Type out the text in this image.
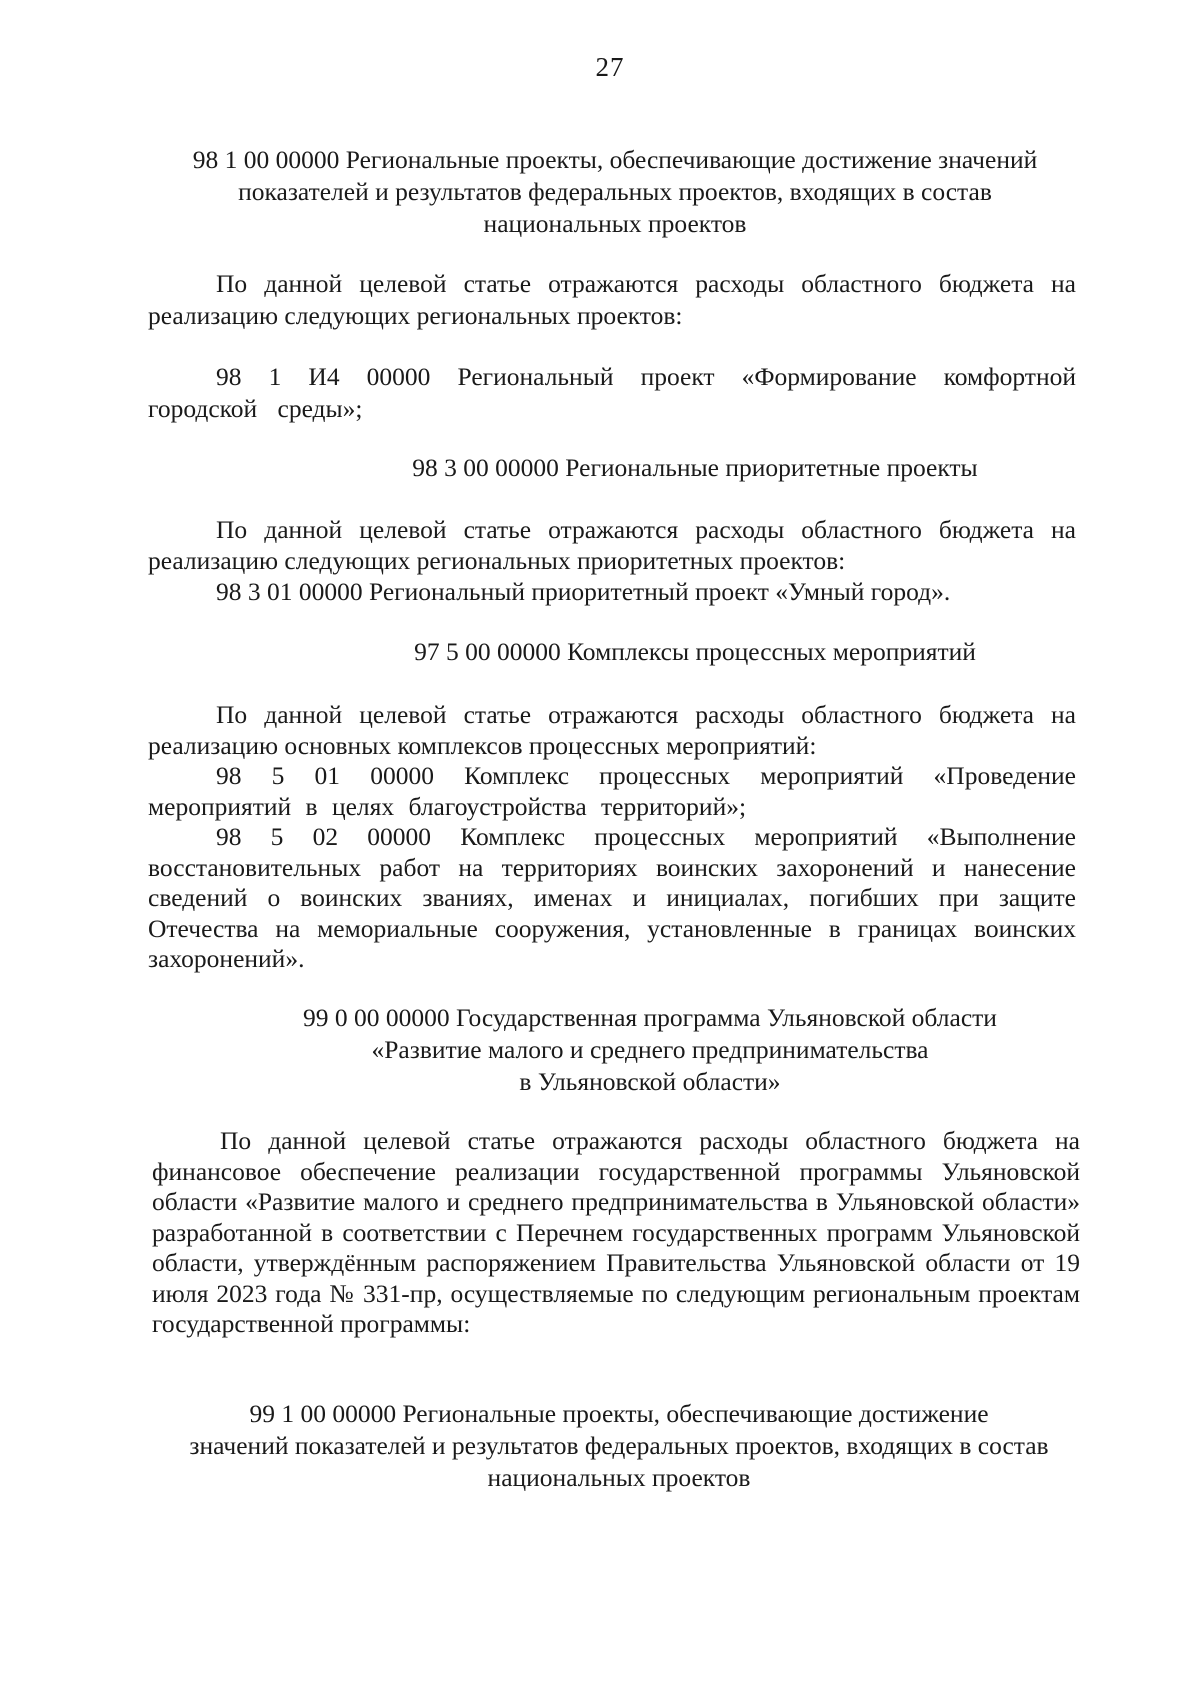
27
98 1 00 00000 Региональные проекты, обеспечивающие достижение значений
показателей и результатов федеральных проектов, входящих в состав
национальных проектов

По данной целевой статье отражаются расходы областного бюджета на реализацию следующих региональных проектов:

98 1 И4 00000 Региональный проект «Формирование комфортной городской среды»;

98 3 00 00000 Региональные приоритетные проекты

По данной целевой статье отражаются расходы областного бюджета на реализацию следующих региональных приоритетных проектов:

98 3 01 00000 Региональный приоритетный проект «Умный город».

97 5 00 00000 Комплексы процессных мероприятий

По данной целевой статье отражаются расходы областного бюджета на реализацию основных комплексов процессных мероприятий:

98 5 01 00000 Комплекс процессных мероприятий «Проведение мероприятий в целях благоустройства территорий»;

98 5 02 00000 Комплекс процессных мероприятий «Выполнение восстановительных работ на территориях воинских захоронений и нанесение сведений о воинских званиях, именах и инициалах, погибших при защите Отечества на мемориальные сооружения, установленные в границах воинских захоронений».

99 0 00 00000 Государственная программа Ульяновской области
«Развитие малого и среднего предпринимательства
в Ульяновской области»

По данной целевой статье отражаются расходы областного бюджета на финансовое обеспечение реализации государственной программы Ульяновской области «Развитие малого и среднего предпринимательства в Ульяновской области» разработанной в соответствии с Перечнем государственных программ Ульяновской области, утверждённым распоряжением Правительства Ульяновской области от 19 июля 2023 года № 331-пр, осуществляемые по следующим региональным проектам государственной программы:

99 1 00 00000 Региональные проекты, обеспечивающие достижение
значений показателей и результатов федеральных проектов, входящих в состав
национальных проектов
